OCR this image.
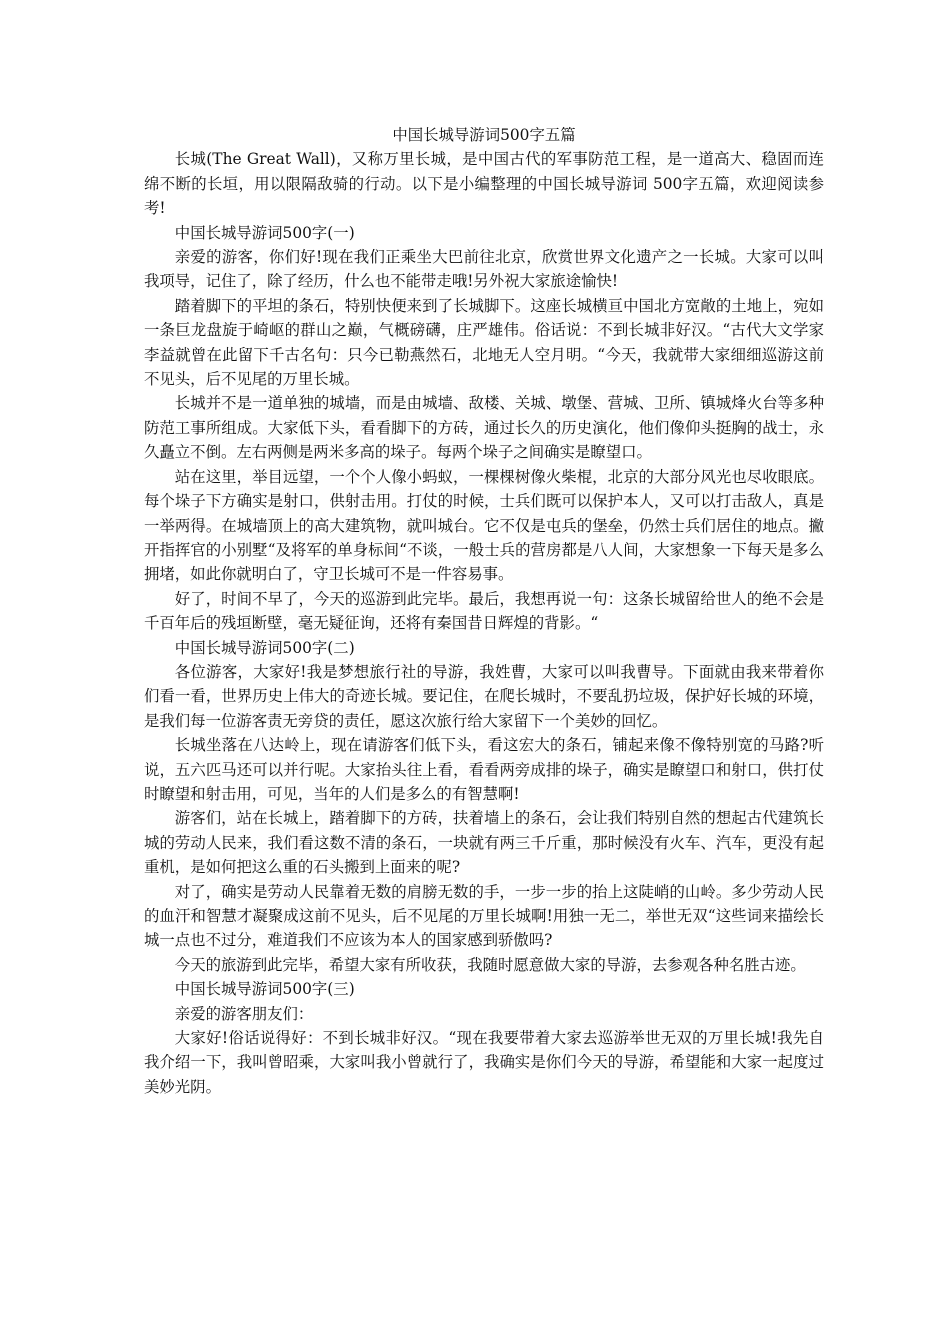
中国长城导游词500字五篇

长城(The Great Wall)，又称万里长城，是中国古代的军事防范工程，是一道高大、稳固而连绵不断的长垣，用以限隔敌骑的行动。以下是小编整理的中国长城导游词 500字五篇，欢迎阅读参考!

中国长城导游词500字(一)

亲爱的游客，你们好!现在我们正乘坐大巴前往北京，欣赏世界文化遗产之一长城。大家可以叫我项导，记住了，除了经历，什么也不能带走哦!另外祝大家旅途愉快!

踏着脚下的平坦的条石，特别快便来到了长城脚下。这座长城横亘中国北方宽敞的土地上，宛如一条巨龙盘旋于崎岖的群山之巅，气概磅礴，庄严雄伟。俗话说：不到长城非好汉。“古代大文学家李益就曾在此留下千古名句：只今已勒燕然石，北地无人空月明。“今天，我就带大家细细巡游这前不见头，后不见尾的万里长城。

长城并不是一道单独的城墙，而是由城墙、敌楼、关城、墩堡、营城、卫所、镇城烽火台等多种防范工事所组成。大家低下头，看看脚下的方砖，通过长久的历史演化，他们像仰头挺胸的战士，永久矗立不倒。左右两侧是两米多高的垛子。每两个垛子之间确实是瞭望口。

站在这里，举目远望，一个个人像小蚂蚁，一棵棵树像火柴棍，北京的大部分风光也尽收眼底。每个垛子下方确实是射口，供射击用。打仗的时候，士兵们既可以保护本人，又可以打击敌人，真是一举两得。在城墙顶上的高大建筑物，就叫城台。它不仅是屯兵的堡垒，仍然士兵们居住的地点。撇开指挥官的小别墅“及将军的单身标间“不谈，一般士兵的营房都是八人间，大家想象一下每天是多么拥堵，如此你就明白了，守卫长城可不是一件容易事。

好了，时间不早了，今天的巡游到此完毕。最后，我想再说一句：这条长城留给世人的绝不会是千百年后的残垣断壁，毫无疑征询，还将有秦国昔日辉煌的背影。“

中国长城导游词500字(二)

各位游客，大家好!我是梦想旅行社的导游，我姓曹，大家可以叫我曹导。下面就由我来带着你们看一看，世界历史上伟大的奇迹长城。要记住，在爬长城时，不要乱扔垃圾，保护好长城的环境，是我们每一位游客责无旁贷的责任，愿这次旅行给大家留下一个美妙的回忆。

长城坐落在八达岭上，现在请游客们低下头，看这宏大的条石，铺起来像不像特别宽的马路?听说，五六匹马还可以并行呢。大家抬头往上看，看看两旁成排的垛子，确实是瞭望口和射口，供打仗时瞭望和射击用，可见，当年的人们是多么的有智慧啊!

游客们，站在长城上，踏着脚下的方砖，扶着墙上的条石，会让我们特别自然的想起古代建筑长城的劳动人民来，我们看这数不清的条石，一块就有两三千斤重，那时候没有火车、汽车，更没有起重机，是如何把这么重的石头搬到上面来的呢?

对了，确实是劳动人民靠着无数的肩膀无数的手，一步一步的抬上这陡峭的山岭。多少劳动人民的血汗和智慧才凝聚成这前不见头，后不见尾的万里长城啊!用独一无二，举世无双“这些词来描绘长城一点也不过分，难道我们不应该为本人的国家感到骄傲吗?

今天的旅游到此完毕，希望大家有所收获，我随时愿意做大家的导游，去参观各种名胜古迹。

中国长城导游词500字(三)

亲爱的游客朋友们：

大家好!俗话说得好：不到长城非好汉。“现在我要带着大家去巡游举世无双的万里长城!我先自我介绍一下，我叫曾昭乘，大家叫我小曾就行了，我确实是你们今天的导游，希望能和大家一起度过美妙光阴。
